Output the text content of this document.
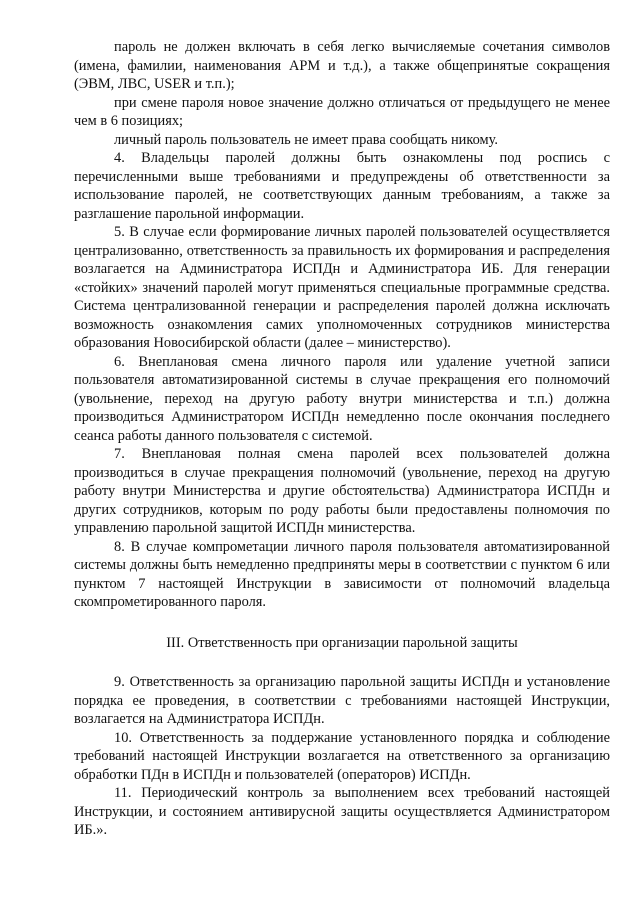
пароль не должен включать в себя легко вычисляемые сочетания символов (имена, фамилии, наименования АРМ и т.д.), а также общепринятые сокращения (ЭВМ, ЛВС, USER и т.п.);

при смене пароля новое значение должно отличаться от предыдущего не менее чем в 6 позициях;

личный пароль пользователь не имеет права сообщать никому.

4. Владельцы паролей должны быть ознакомлены под роспись с перечисленными выше требованиями и предупреждены об ответственности за использование паролей, не соответствующих данным требованиям, а также за разглашение парольной информации.

5. В случае если формирование личных паролей пользователей осуществляется централизованно, ответственность за правильность их формирования и распределения возлагается на Администратора ИСПДн и Администратора ИБ. Для генерации «стойких» значений паролей могут применяться специальные программные средства. Система централизованной генерации и распределения паролей должна исключать возможность ознакомления самих уполномоченных сотрудников министерства образования Новосибирской области (далее – министерство).

6. Внеплановая смена личного пароля или удаление учетной записи пользователя автоматизированной системы в случае прекращения его полномочий (увольнение, переход на другую работу внутри министерства и т.п.) должна производиться Администратором ИСПДн немедленно после окончания последнего сеанса работы данного пользователя с системой.

7. Внеплановая полная смена паролей всех пользователей должна производиться в случае прекращения полномочий (увольнение, переход на другую работу внутри Министерства и другие обстоятельства) Администратора ИСПДн и других сотрудников, которым по роду работы были предоставлены полномочия по управлению парольной защитой ИСПДн министерства.

8. В случае компрометации личного пароля пользователя автоматизированной системы должны быть немедленно предприняты меры в соответствии с пунктом 6 или пунктом 7 настоящей Инструкции в зависимости от полномочий владельца скомпрометированного пароля.

III. Ответственность при организации парольной защиты

9. Ответственность за организацию парольной защиты ИСПДн и установление порядка ее проведения, в соответствии с требованиями настоящей Инструкции, возлагается на Администратора ИСПДн.

10. Ответственность за поддержание установленного порядка и соблюдение требований настоящей Инструкции возлагается на ответственного за организацию обработки ПДн в ИСПДн и пользователей (операторов) ИСПДн.

11. Периодический контроль за выполнением всех требований настоящей Инструкции, и состоянием антивирусной защиты осуществляется Администратором ИБ.».
